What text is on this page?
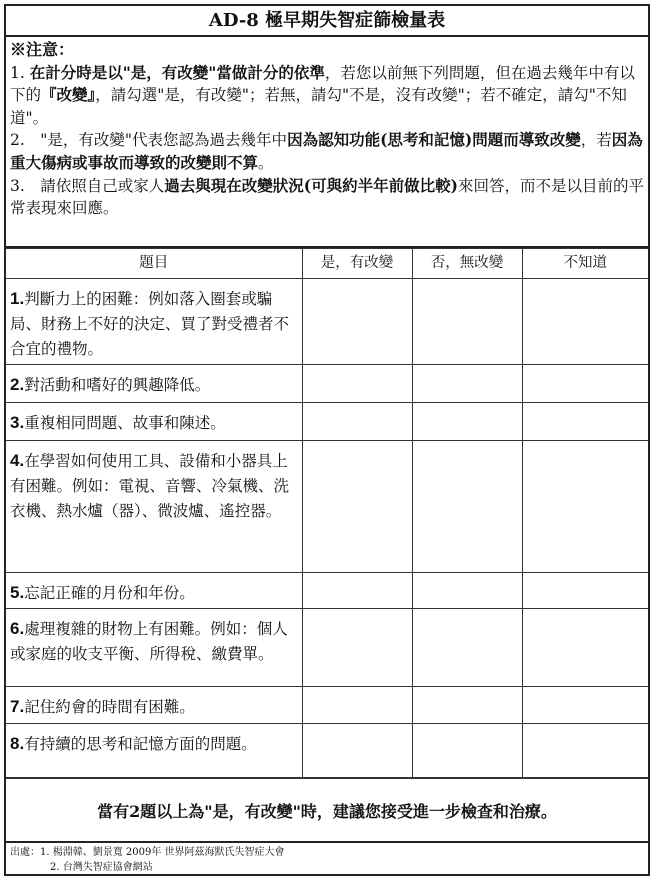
AD-8 極早期失智症篩檢量表
※注意：
1. 在計分時是以"是，有改變"當做計分的依準，若您以前無下列問題，但在過去幾年中有以下的『改變』，請勾選"是，有改變"；若無，請勾"不是，沒有改變"；若不確定，請勾"不知道"。
2.　"是，有改變"代表您認為過去幾年中因為認知功能(思考和記憶)問題而導致改變，若因為重大傷病或事故而導致的改變則不算。
3.　請依照自己或家人過去與現在改變狀況(可與約半年前做比較)來回答，而不是以目前的平常表現來回應。
題目	是，有改變	否，無改變	不知道
1.判斷力上的困難：例如落入圈套或騙局、財務上不好的決定、買了對受禮者不合宜的禮物。			
2.對活動和嗜好的興趣降低。			
3.重複相同問題、故事和陳述。			
4.在學習如何使用工具、設備和小器具上有困難。例如：電視、音響、冷氣機、洗衣機、熱水爐（器）、微波爐、遙控器。			
5.忘記正確的月份和年份。			
6.處理複雜的財物上有困難。例如：個人或家庭的收支平衡、所得稅、繳費單。			
7.記住約會的時間有困難。			
8.有持續的思考和記憶方面的問題。			
當有2題以上為"是，有改變"時，建議您接受進一步檢查和治療。
出處：1. 楊淵韓、劉景寬 2009年 世界阿茲海默氏失智症大會
2. 台灣失智症協會網站
